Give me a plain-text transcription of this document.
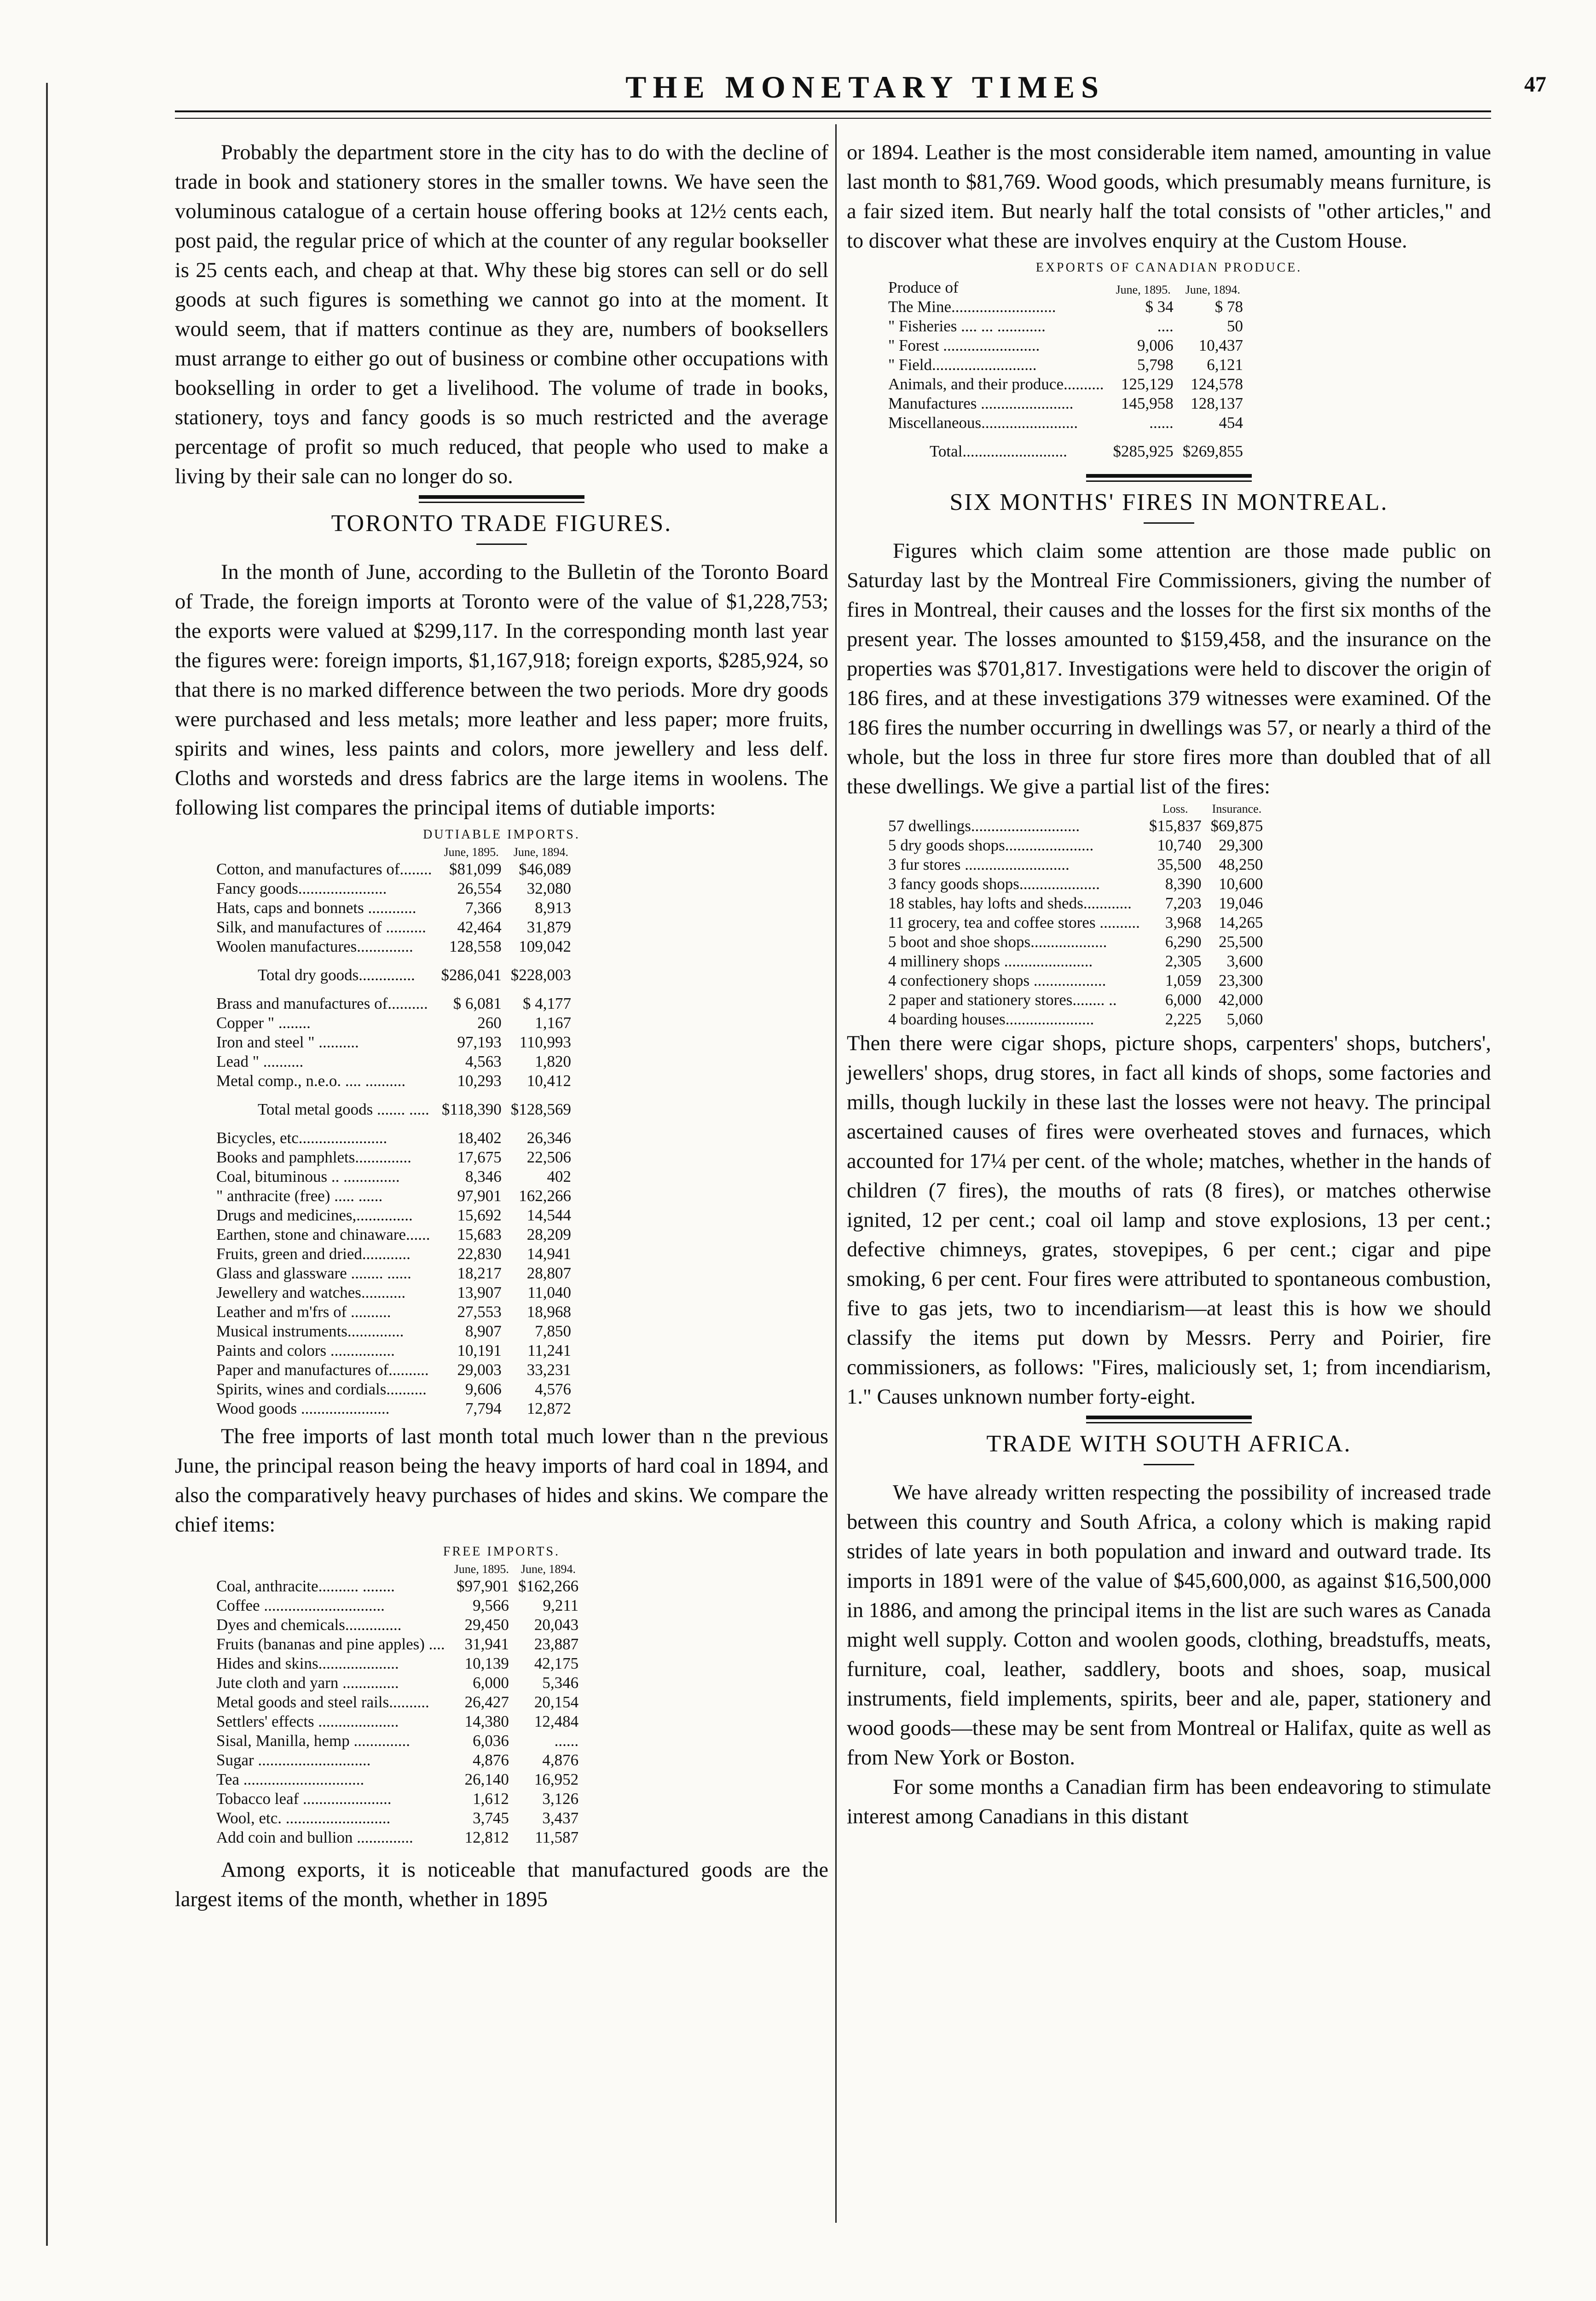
THE MONETARY TIMES	47

Probably the department store in the city has to do with the decline of trade in book and stationery stores in the smaller towns. We have seen the voluminous catalogue of a certain house offering books at 12½ cents each, post paid, the regular price of which at the counter of any regular bookseller is 25 cents each, and cheap at that. Why these big stores can sell or do sell goods at such figures is something we cannot go into at the moment. It would seem, that if matters continue as they are, numbers of booksellers must arrange to either go out of business or combine other occupations with bookselling in order to get a livelihood. The volume of trade in books, stationery, toys and fancy goods is so much restricted and the average percentage of profit so much reduced, that people who used to make a living by their sale can no longer do so.

TORONTO TRADE FIGURES.

In the month of June, according to the Bulletin of the Toronto Board of Trade, the foreign imports at Toronto were of the value of $1,228,753; the exports were valued at $299,117. In the corresponding month last year the figures were: foreign imports, $1,167,918; foreign exports, $285,924, so that there is no marked difference between the two periods. More dry goods were purchased and less metals; more leather and less paper; more fruits, spirits and wines, less paints and colors, more jewellery and less delf. Cloths and worsteds and dress fabrics are the large items in woolens. The following list compares the principal items of dutiable imports:

DUTIABLE IMPORTS.
	June, 1895.	June, 1894.
Cotton, and manufactures of........	$81,099	$46,089
Fancy goods......................	26,554	32,080
Hats, caps and bonnets ............	7,366	8,913
Silk, and manufactures of ..........	42,464	31,879
Woolen manufactures..............	128,558	109,042
Total dry goods..............	$286,041	$228,003
Brass and manufactures of..........	$ 6,081	$ 4,177
Copper " ........	260	1,167
Iron and steel " ..........	97,193	110,993
Lead " ..........	4,563	1,820
Metal comp., n.e.o. .... ..........	10,293	10,412
Total metal goods ....... .....	$118,390	$128,569
Bicycles, etc......................	18,402	26,346
Books and pamphlets..............	17,675	22,506
Coal, bituminous .. ..............	8,346	402
" anthracite (free) ..... ......	97,901	162,266
Drugs and medicines,..............	15,692	14,544
Earthen, stone and chinaware......	15,683	28,209
Fruits, green and dried............	22,830	14,941
Glass and glassware ........ ......	18,217	28,807
Jewellery and watches...........	13,907	11,040
Leather and m'frs of ..........	27,553	18,968
Musical instruments..............	8,907	7,850
Paints and colors ................	10,191	11,241
Paper and manufactures of..........	29,003	33,231
Spirits, wines and cordials..........	9,606	4,576
Wood goods ......................	7,794	12,872

The free imports of last month total much lower than n the previous June, the principal reason being the heavy imports of hard coal in 1894, and also the comparatively heavy purchases of hides and skins. We compare the chief items:

FREE IMPORTS.
	June, 1895.	June, 1894.
Coal, anthracite.......... ........	$97,901	$162,266
Coffee ..............................	9,566	9,211
Dyes and chemicals..............	29,450	20,043
Fruits (bananas and pine apples) ....	31,941	23,887
Hides and skins....................	10,139	42,175
Jute cloth and yarn ..............	6,000	5,346
Metal goods and steel rails..........	26,427	20,154
Settlers' effects ....................	14,380	12,484
Sisal, Manilla, hemp ..............	6,036	......
Sugar ............................	4,876	4,876
Tea ..............................	26,140	16,952
Tobacco leaf ......................	1,612	3,126
Wool, etc. ..........................	3,745	3,437
Add coin and bullion ..............	12,812	11,587

Among exports, it is noticeable that manufactured goods are the largest items of the month, whether in 1895

or 1894. Leather is the most considerable item named, amounting in value last month to $81,769. Wood goods, which presumably means furniture, is a fair sized item. But nearly half the total consists of "other articles," and to discover what these are involves enquiry at the Custom House.

EXPORTS OF CANADIAN PRODUCE.
Produce of	June, 1895.	June, 1894.
The Mine..........................	$ 34	$ 78
" Fisheries .... ... ............	....	50
" Forest ........................	9,006	10,437
" Field..........................	5,798	6,121
Animals, and their produce..........	125,129	124,578
Manufactures .......................	145,958	128,137
Miscellaneous........................	......	454
Total..........................	$285,925	$269,855
SIX MONTHS' FIRES IN MONTREAL.

Figures which claim some attention are those made public on Saturday last by the Montreal Fire Commissioners, giving the number of fires in Montreal, their causes and the losses for the first six months of the present year. The losses amounted to $159,458, and the insurance on the properties was $701,817. Investigations were held to discover the origin of 186 fires, and at these investigations 379 witnesses were examined. Of the 186 fires the number occurring in dwellings was 57, or nearly a third of the whole, but the loss in three fur store fires more than doubled that of all these dwellings. We give a partial list of the fires:

	Loss.	Insurance.
57 dwellings...........................	$15,837	$69,875
5 dry goods shops......................	10,740	29,300
3 fur stores ..........................	35,500	48,250
3 fancy goods shops....................	8,390	10,600
18 stables, hay lofts and sheds............	7,203	19,046
11 grocery, tea and coffee stores ..........	3,968	14,265
5 boot and shoe shops...................	6,290	25,500
4 millinery shops ......................	2,305	3,600
4 confectionery shops ..................	1,059	23,300
2 paper and stationery stores........ ..	6,000	42,000
4 boarding houses......................	2,225	5,060

Then there were cigar shops, picture shops, carpenters' shops, butchers', jewellers' shops, drug stores, in fact all kinds of shops, some factories and mills, though luckily in these last the losses were not heavy. The principal ascertained causes of fires were overheated stoves and furnaces, which accounted for 17¼ per cent. of the whole; matches, whether in the hands of children (7 fires), the mouths of rats (8 fires), or matches otherwise ignited, 12 per cent.; coal oil lamp and stove explosions, 13 per cent.; defective chimneys, grates, stovepipes, 6 per cent.; cigar and pipe smoking, 6 per cent. Four fires were attributed to spontaneous combustion, five to gas jets, two to incendiarism—at least this is how we should classify the items put down by Messrs. Perry and Poirier, fire commissioners, as follows: "Fires, maliciously set, 1; from incendiarism, 1." Causes unknown number forty-eight.

TRADE WITH SOUTH AFRICA.

We have already written respecting the possibility of increased trade between this country and South Africa, a colony which is making rapid strides of late years in both population and inward and outward trade. Its imports in 1891 were of the value of $45,600,000, as against $16,500,000 in 1886, and among the principal items in the list are such wares as Canada might well supply. Cotton and woolen goods, clothing, breadstuffs, meats, furniture, coal, leather, saddlery, boots and shoes, soap, musical instruments, field implements, spirits, beer and ale, paper, stationery and wood goods—these may be sent from Montreal or Halifax, quite as well as from New York or Boston.

For some months a Canadian firm has been endeavoring to stimulate interest among Canadians in this distant
